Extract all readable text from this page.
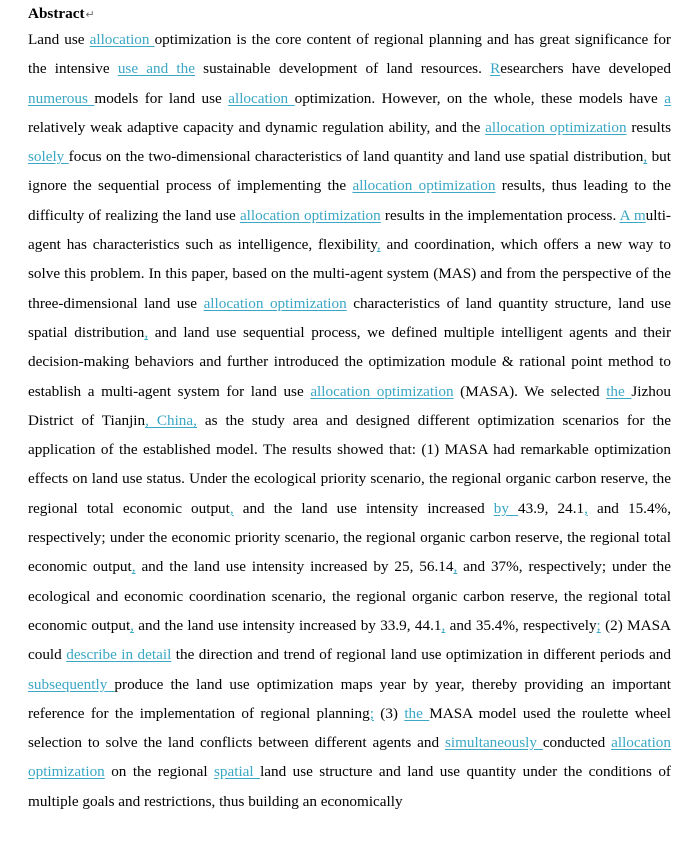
Abstract↵
Land use allocation optimization is the core content of regional planning and has great significance for the intensive use and the sustainable development of land resources. Researchers have developed numerous models for land use allocation optimization. However, on the whole, these models have a relatively weak adaptive capacity and dynamic regulation ability, and the allocation optimization results solely focus on the two-dimensional characteristics of land quantity and land use spatial distribution, but ignore the sequential process of implementing the allocation optimization results, thus leading to the difficulty of realizing the land use allocation optimization results in the implementation process. A multi-agent has characteristics such as intelligence, flexibility, and coordination, which offers a new way to solve this problem. In this paper, based on the multi-agent system (MAS) and from the perspective of the three-dimensional land use allocation optimization characteristics of land quantity structure, land use spatial distribution, and land use sequential process, we defined multiple intelligent agents and their decision-making behaviors and further introduced the optimization module & rational point method to establish a multi-agent system for land use allocation optimization (MASA). We selected the Jizhou District of Tianjin, China, as the study area and designed different optimization scenarios for the application of the established model. The results showed that: (1) MASA had remarkable optimization effects on land use status. Under the ecological priority scenario, the regional organic carbon reserve, the regional total economic output, and the land use intensity increased by 43.9, 24.1, and 15.4%, respectively; under the economic priority scenario, the regional organic carbon reserve, the regional total economic output, and the land use intensity increased by 25, 56.14, and 37%, respectively; under the ecological and economic coordination scenario, the regional organic carbon reserve, the regional total economic output, and the land use intensity increased by 33.9, 44.1, and 35.4%, respectively; (2) MASA could describe in detail the direction and trend of regional land use optimization in different periods and subsequently produce the land use optimization maps year by year, thereby providing an important reference for the implementation of regional planning; (3) the MASA model used the roulette wheel selection to solve the land conflicts between different agents and simultaneously conducted allocation optimization on the regional spatial land use structure and land use quantity under the conditions of multiple goals and restrictions, thus building an economically
